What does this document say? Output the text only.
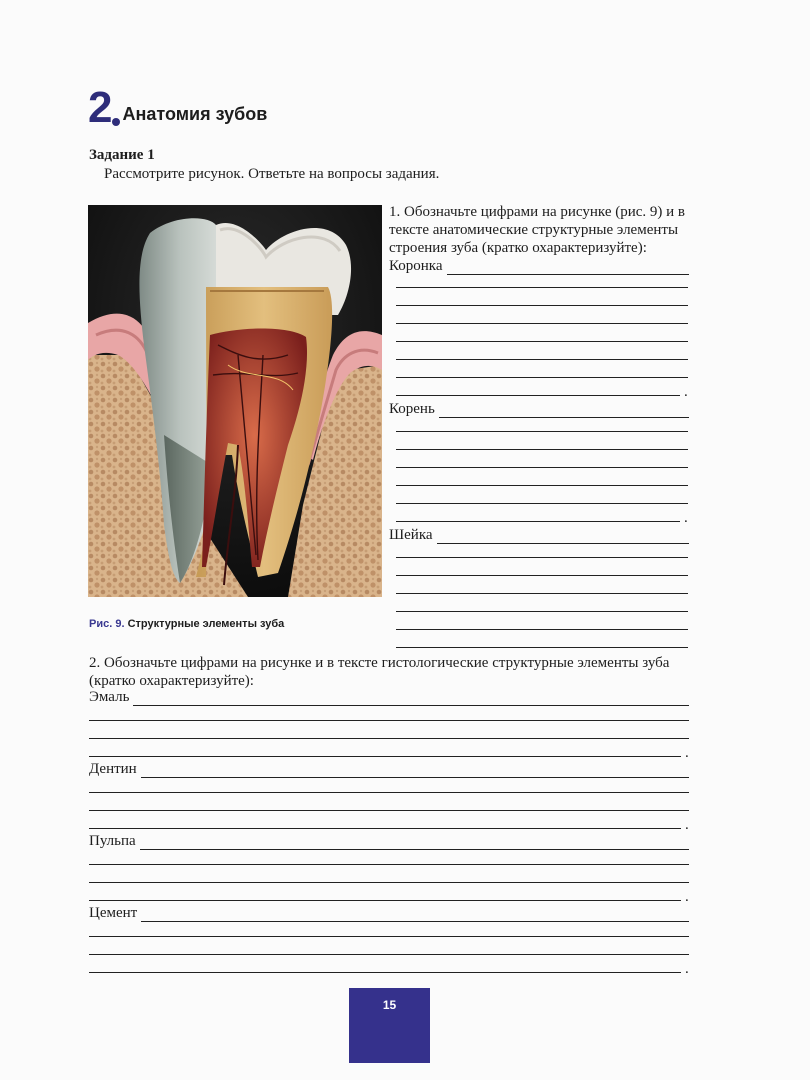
2 Анатомия зубов
Задание 1
Рассмотрите рисунок. Ответьте на вопросы задания.
Рис. 9. Структурные элементы зуба
1. Обозначьте цифрами на рисунке (рис. 9) и в тексте анатомические структурные элементы строения зуба (кратко охарактеризуйте):
Коронка
.
Корень
.
Шейка
2. Обозначьте цифрами на рисунке и в тексте гистологические структурные элементы зуба (кратко охарактеризуйте):
Эмаль
.
Дентин
.
Пульпа
.
Цемент
.
15
